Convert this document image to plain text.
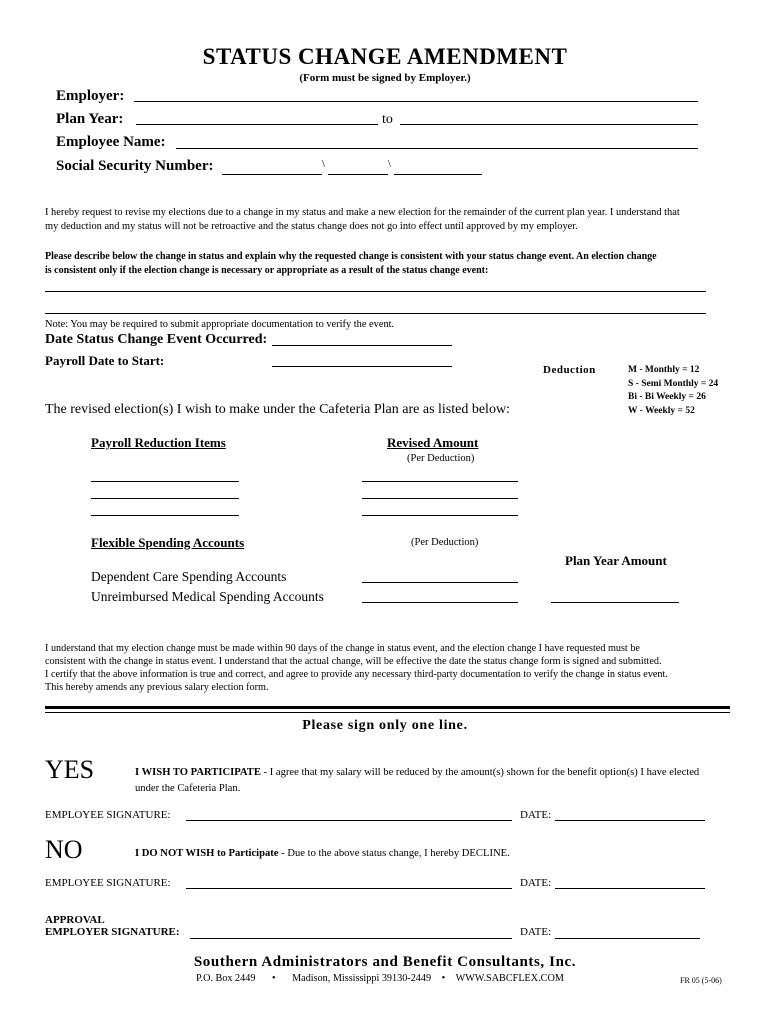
STATUS CHANGE AMENDMENT
(Form must be signed by Employer.)
Employer:
Plan Year:	to
Employee Name:
Social Security Number:	\	\
I hereby request to revise my elections due to a change in my status and make a new election for the remainder of the current plan year. I understand that
my deduction and my status will not be retroactive and the status change does not go into effect until approved by my employer.
Please describe below the change in status and explain why the requested change is consistent with your status change event. An election change
is consistent only if the election change is necessary or appropriate as a result of the status change event:
Note: You may be required to submit appropriate documentation to verify the event.
Date Status Change Event Occurred:
Payroll Date to Start:
Deduction	M - Monthly = 12
S - Semi Monthly = 24
Bi - Bi Weekly = 26
W - Weekly = 52
The revised election(s) I wish to make under the Cafeteria Plan are as listed below:
Payroll Reduction Items	Revised Amount
(Per Deduction)
Flexible Spending Accounts	(Per Deduction)
Plan Year Amount
Dependent Care Spending Accounts
Unreimbursed Medical Spending Accounts
I understand that my election change must be made within 90 days of the change in status event, and the election change I have requested must be
consistent with the change in status event. I understand that the actual change, will be effective the date the status change form is signed and submitted.
I certify that the above information is true and correct, and agree to provide any necessary third-party documentation to verify the change in status event.
This hereby amends any previous salary election form.
Please sign only one line.
YES	I WISH TO PARTICIPATE - I agree that my salary will be reduced by the amount(s) shown for the benefit option(s) I have elected
under the Cafeteria Plan.
EMPLOYEE SIGNATURE:	DATE:
NO	I DO NOT WISH to Participate - Due to the above status change, I hereby DECLINE.
EMPLOYEE SIGNATURE:	DATE:
APPROVAL
EMPLOYER SIGNATURE:	DATE:
Southern Administrators and Benefit Consultants, Inc.
P.O. Box 2449 • Madison, Mississippi 39130-2449 • WWW.SABCFLEX.COM	FR 05 (5-06)
